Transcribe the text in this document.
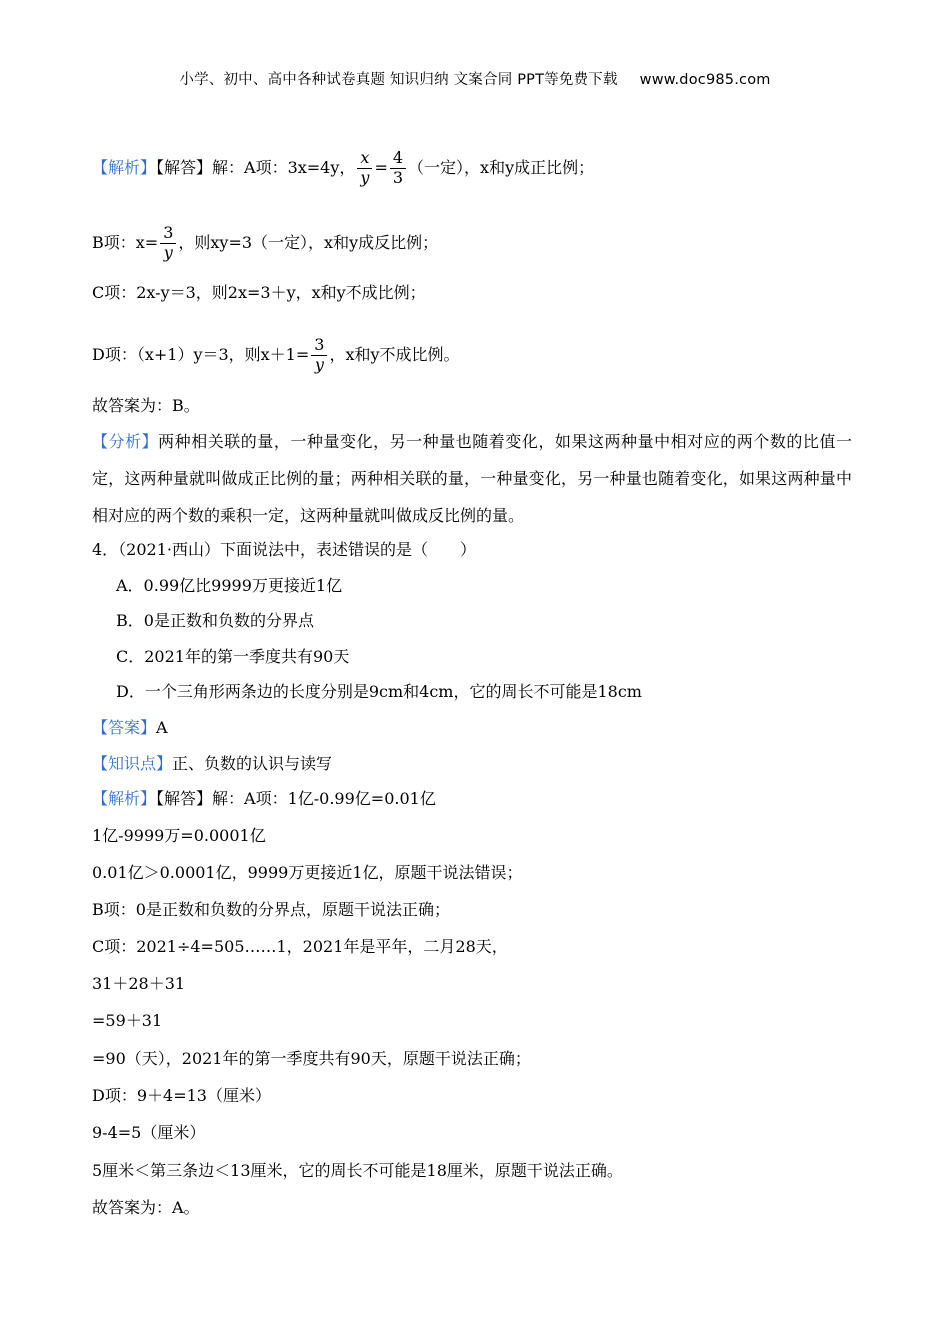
小学、初中、高中各种试卷真题 知识归纳 文案合同 PPT等免费下载 www.doc985.com
【解析】【解答】解：A项：3x=4y， $\frac{x}{y} = \frac{4}{3}$ （一定），x和y成正比例；
B项：$x= \frac{3}{y}$ ，则xy=3（一定），x和y成反比例；
C项：2x-y＝3，则2x=3＋y，x和y不成比例；
D项：（x+1）y＝3，则$x+1= \frac{3}{y}$ ，x和y不成比例。
故答案为：B。
【分析】两种相关联的量，一种量变化，另一种量也随着变化，如果这两种量中相对应的两个数的比值一定，这两种量就叫做成正比例的量；两种相关联的量，一种量变化，另一种量也随着变化，如果这两种量中相对应的两个数的乘积一定，这两种量就叫做成反比例的量。
4．（2021·西山）下面说法中，表述错误的是（　　）
A．0.99亿比9999万更接近1亿
B．0是正数和负数的分界点
C．2021年的第一季度共有90天
D．一个三角形两条边的长度分别是9cm和4cm，它的周长不可能是18cm
【答案】A
【知识点】正、负数的认识与读写
【解析】【解答】解：A项：1亿-0.99亿=0.01亿
1亿-9999万=0.0001亿
0.01亿＞0.0001亿，9999万更接近1亿，原题干说法错误；
B项：0是正数和负数的分界点，原题干说法正确；
C项：2021÷4=505……1，2021年是平年，二月28天，
31＋28＋31
=59＋31
=90（天），2021年的第一季度共有90天，原题干说法正确；
D项：9＋4=13（厘米）
9-4=5（厘米）
5厘米＜第三条边＜13厘米，它的周长不可能是18厘米，原题干说法正确。
故答案为：A。
